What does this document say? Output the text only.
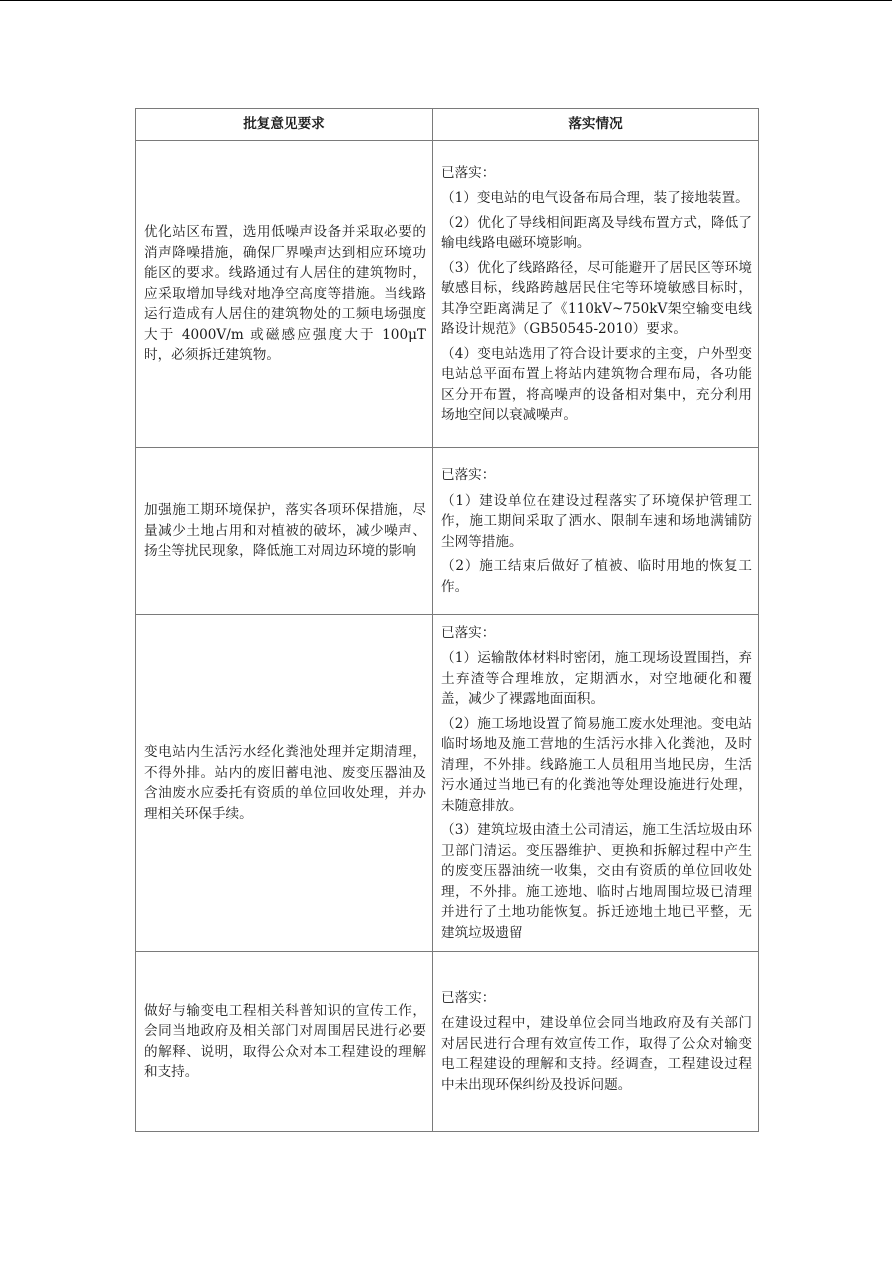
批复意见要求	落实情况
优化站区布置，选用低噪声设备并采取必要的消声降噪措施，确保厂界噪声达到相应环境功能区的要求。线路通过有人居住的建筑物时，应采取增加导线对地净空高度等措施。当线路运行造成有人居住的建筑物处的工频电场强度大于 4000V/m 或磁感应强度大于 100μT 时，必须拆迁建筑物。	已落实：
（1）变电站的电气设备布局合理，装了接地装置。
（2）优化了导线相间距离及导线布置方式，降低了输电线路电磁环境影响。
（3）优化了线路路径，尽可能避开了居民区等环境敏感目标，线路跨越居民住宅等环境敏感目标时，其净空距离满足了《110kV~750kV架空输变电线路设计规范》（GB50545-2010）要求。
（4）变电站选用了符合设计要求的主变，户外型变电站总平面布置上将站内建筑物合理布局，各功能区分开布置，将高噪声的设备相对集中，充分利用场地空间以衰减噪声。

加强施工期环境保护，落实各项环保措施，尽量减少土地占用和对植被的破坏，减少噪声、扬尘等扰民现象，降低施工对周边环境的影响	已落实：
（1）建设单位在建设过程落实了环境保护管理工作，施工期间采取了洒水、限制车速和场地满铺防尘网等措施。
（2）施工结束后做好了植被、临时用地的恢复工作。

变电站内生活污水经化粪池处理并定期清理，不得外排。站内的废旧蓄电池、废变压器油及含油废水应委托有资质的单位回收处理，并办理相关环保手续。	已落实：
（1）运输散体材料时密闭，施工现场设置围挡，弃土弃渣等合理堆放，定期洒水，对空地硬化和覆盖，减少了裸露地面面积。
（2）施工场地设置了简易施工废水处理池。变电站临时场地及施工营地的生活污水排入化粪池，及时清理，不外排。线路施工人员租用当地民房，生活污水通过当地已有的化粪池等处理设施进行处理，未随意排放。
（3）建筑垃圾由渣土公司清运，施工生活垃圾由环卫部门清运。变压器维护、更换和拆解过程中产生的废变压器油统一收集，交由有资质的单位回收处理，不外排。施工迹地、临时占地周围垃圾已清理并进行了土地功能恢复。拆迁迹地土地已平整，无建筑垃圾遗留

做好与输变电工程相关科普知识的宣传工作，会同当地政府及相关部门对周围居民进行必要的解释、说明，取得公众对本工程建设的理解和支持。	已落实：
在建设过程中，建设单位会同当地政府及有关部门对居民进行合理有效宣传工作，取得了公众对输变电工程建设的理解和支持。经调查，工程建设过程中未出现环保纠纷及投诉问题。
